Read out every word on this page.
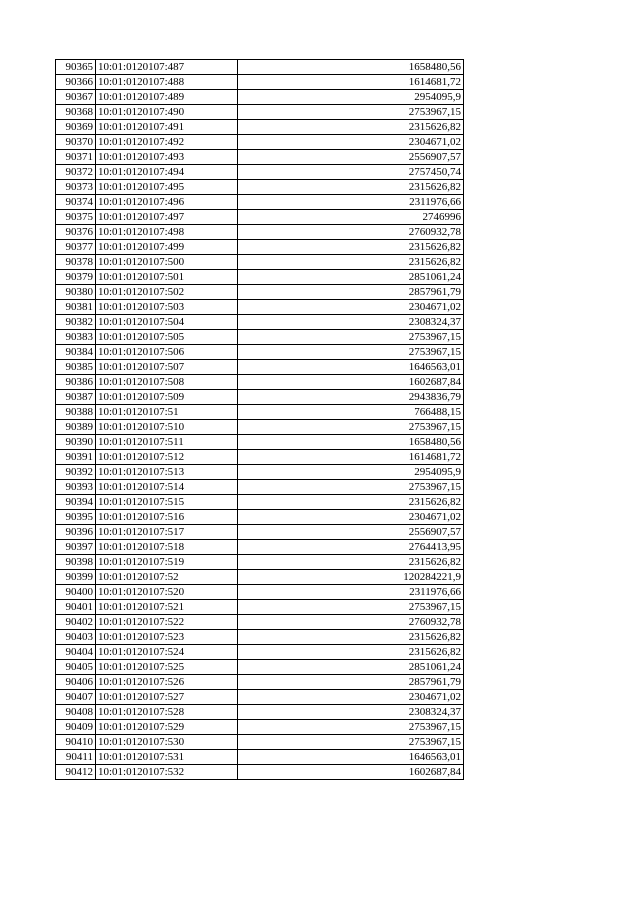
90365	10:01:0120107:487	1658480,56
90366	10:01:0120107:488	1614681,72
90367	10:01:0120107:489	2954095,9
90368	10:01:0120107:490	2753967,15
90369	10:01:0120107:491	2315626,82
90370	10:01:0120107:492	2304671,02
90371	10:01:0120107:493	2556907,57
90372	10:01:0120107:494	2757450,74
90373	10:01:0120107:495	2315626,82
90374	10:01:0120107:496	2311976,66
90375	10:01:0120107:497	2746996
90376	10:01:0120107:498	2760932,78
90377	10:01:0120107:499	2315626,82
90378	10:01:0120107:500	2315626,82
90379	10:01:0120107:501	2851061,24
90380	10:01:0120107:502	2857961,79
90381	10:01:0120107:503	2304671,02
90382	10:01:0120107:504	2308324,37
90383	10:01:0120107:505	2753967,15
90384	10:01:0120107:506	2753967,15
90385	10:01:0120107:507	1646563,01
90386	10:01:0120107:508	1602687,84
90387	10:01:0120107:509	2943836,79
90388	10:01:0120107:51	766488,15
90389	10:01:0120107:510	2753967,15
90390	10:01:0120107:511	1658480,56
90391	10:01:0120107:512	1614681,72
90392	10:01:0120107:513	2954095,9
90393	10:01:0120107:514	2753967,15
90394	10:01:0120107:515	2315626,82
90395	10:01:0120107:516	2304671,02
90396	10:01:0120107:517	2556907,57
90397	10:01:0120107:518	2764413,95
90398	10:01:0120107:519	2315626,82
90399	10:01:0120107:52	120284221,9
90400	10:01:0120107:520	2311976,66
90401	10:01:0120107:521	2753967,15
90402	10:01:0120107:522	2760932,78
90403	10:01:0120107:523	2315626,82
90404	10:01:0120107:524	2315626,82
90405	10:01:0120107:525	2851061,24
90406	10:01:0120107:526	2857961,79
90407	10:01:0120107:527	2304671,02
90408	10:01:0120107:528	2308324,37
90409	10:01:0120107:529	2753967,15
90410	10:01:0120107:530	2753967,15
90411	10:01:0120107:531	1646563,01
90412	10:01:0120107:532	1602687,84
